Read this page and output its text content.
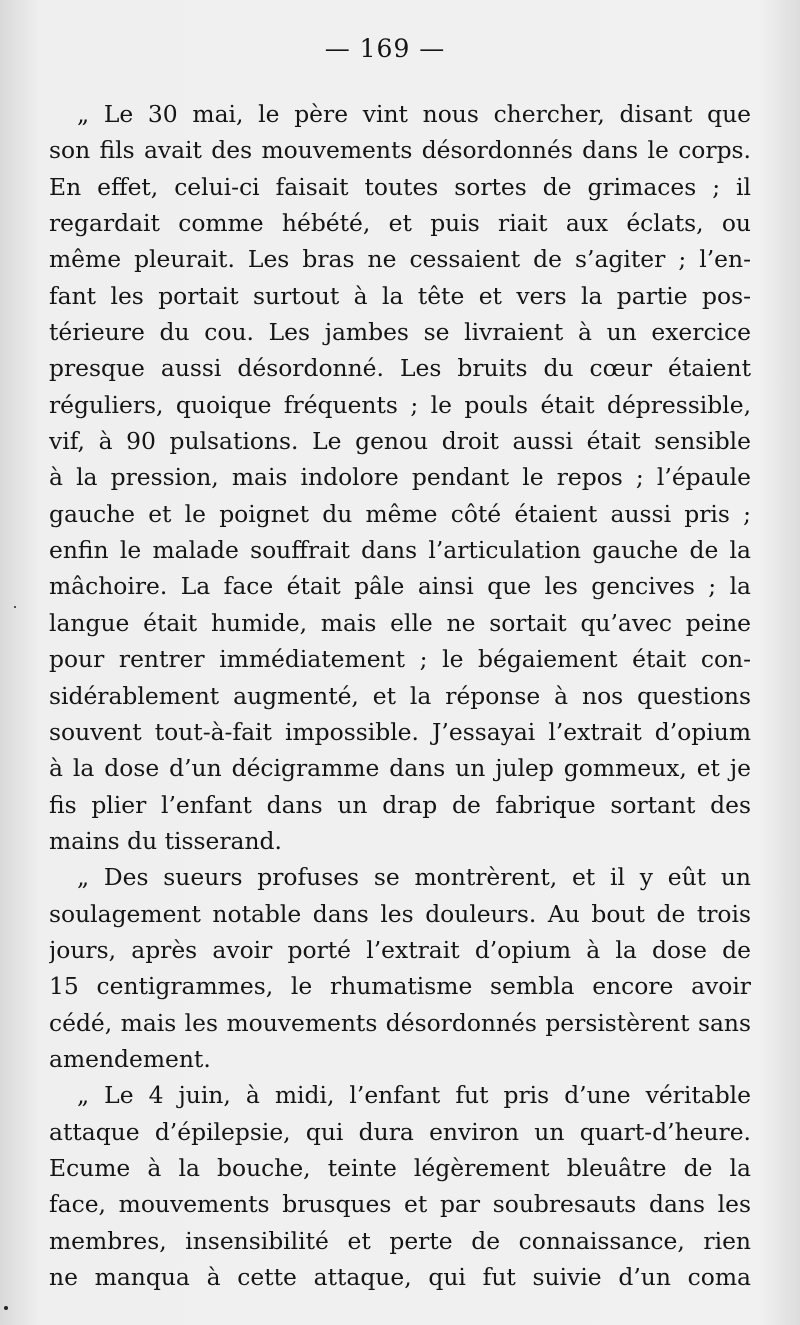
— 169 —
„ Le 30 mai, le père vint nous chercher, disant que
son fils avait des mouvements désordonnés dans le corps.
En effet, celui-ci faisait toutes sortes de grimaces ; il
regardait comme hébété, et puis riait aux éclats, ou
même pleurait. Les bras ne cessaient de s’agiter ; l’en-
fant les portait surtout à la tête et vers la partie pos-
térieure du cou. Les jambes se livraient à un exercice
presque aussi désordonné. Les bruits du cœur étaient
réguliers, quoique fréquents ; le pouls était dépressible,
vif, à 90 pulsations. Le genou droit aussi était sensible
à la pression, mais indolore pendant le repos ; l’épaule
gauche et le poignet du même côté étaient aussi pris ;
enfin le malade souffrait dans l’articulation gauche de la
mâchoire. La face était pâle ainsi que les gencives ; la
langue était humide, mais elle ne sortait qu’avec peine
pour rentrer immédiatement ; le bégaiement était con-
sidérablement augmenté, et la réponse à nos questions
souvent tout-à-fait impossible. J’essayai l’extrait d’opium
à la dose d’un décigramme dans un julep gommeux, et je
fis plier l’enfant dans un drap de fabrique sortant des
mains du tisserand.
„ Des sueurs profuses se montrèrent, et il y eût un
soulagement notable dans les douleurs. Au bout de trois
jours, après avoir porté l’extrait d’opium à la dose de
15 centigrammes, le rhumatisme sembla encore avoir
cédé, mais les mouvements désordonnés persistèrent sans
amendement.
„ Le 4 juin, à midi, l’enfant fut pris d’une véritable
attaque d’épilepsie, qui dura environ un quart-d’heure.
Ecume à la bouche, teinte légèrement bleuâtre de la
face, mouvements brusques et par soubresauts dans les
membres, insensibilité et perte de connaissance, rien
ne manqua à cette attaque, qui fut suivie d’un coma
